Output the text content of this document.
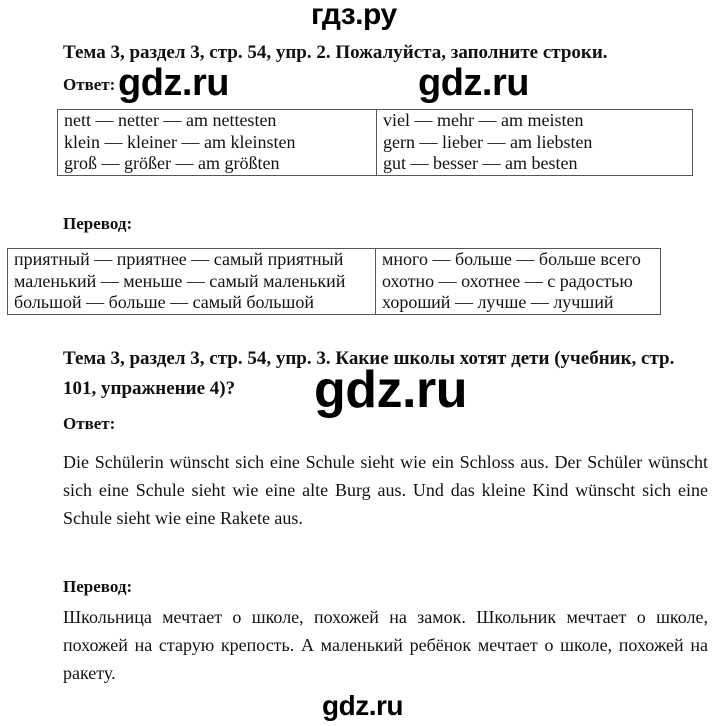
гдз.ру
Тема 3, раздел 3, стр. 54, упр. 2. Пожалуйста, заполните строки.
Ответ: gdz.ru	gdz.ru
nett — netter — am nettesten
klein — kleiner — am kleinsten
groß — größer — am größten
viel — mehr — am meisten
gern — lieber — am liebsten
gut — besser — am besten
Перевод:
приятный — приятнее — самый приятный
маленький — меньше — самый маленький
большой — больше — самый большой
много — больше — больше всего
охотно — охотнее — с радостью
хороший — лучше — лучший
Тема 3, раздел 3, стр. 54, упр. 3. Какие школы хотят дети (учебник, стр.
101, упражнение 4)? gdz.ru
Ответ:
Die Schülerin wünscht sich eine Schule sieht wie ein Schloss aus. Der Schüler wünscht sich eine Schule sieht wie eine alte Burg aus. Und das kleine Kind wünscht sich eine Schule sieht wie eine Rakete aus.
Перевод:
Школьница мечтает о школе, похожей на замок. Школьник мечтает о школе, похожей на старую крепость. А маленький ребёнок мечтает о школе, похожей на ракету.
gdz.ru
